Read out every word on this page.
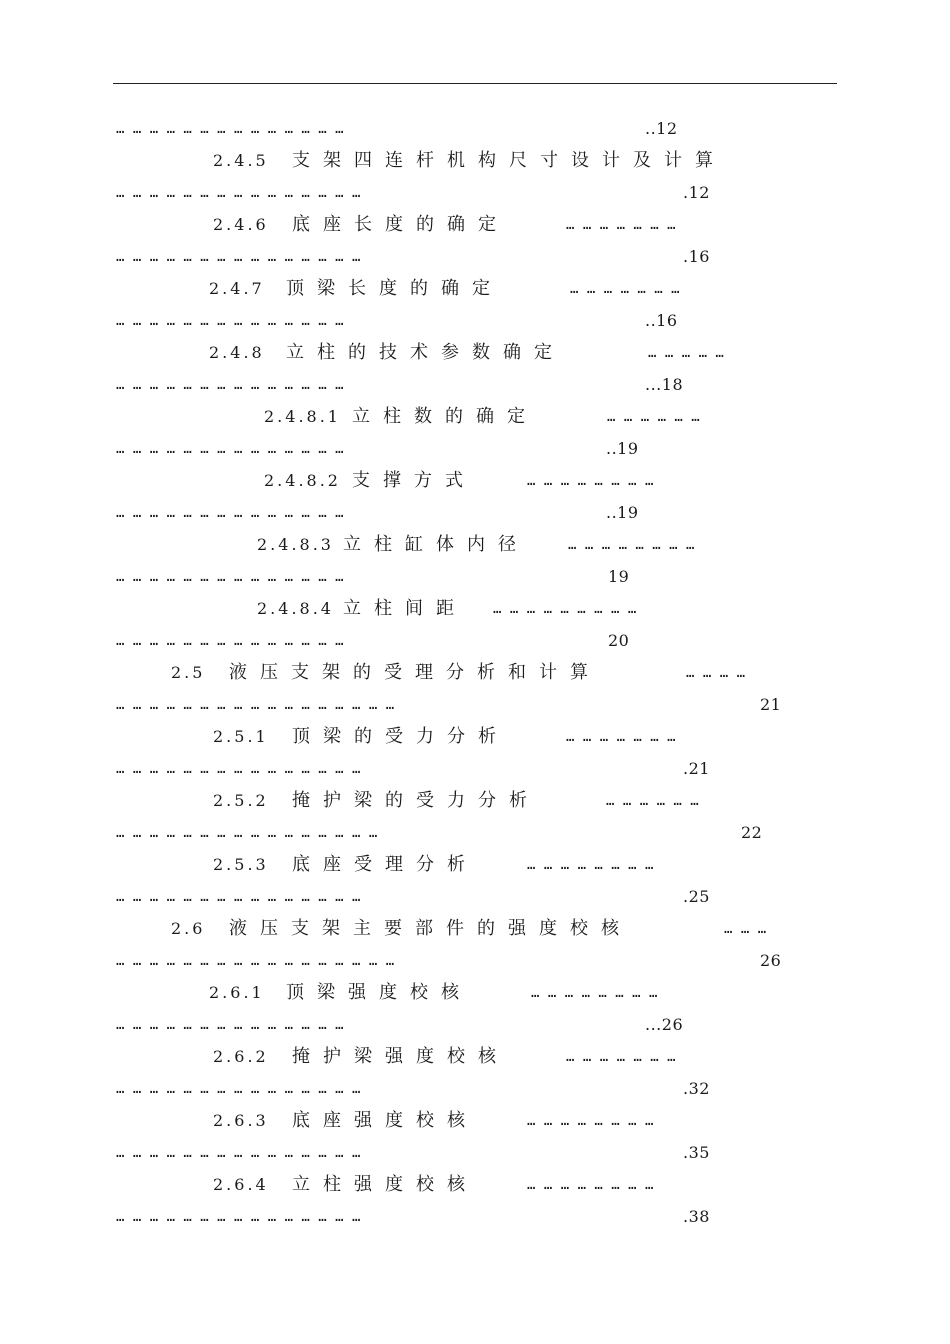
… … … … … … … … … … … … … …	..12
2.4.5 支架四连杆机构尺寸设计及计算
… … … … … … … … … … … … … … …	.12
2.4.6 底座长度的确定	… … … … … … …
… … … … … … … … … … … … … … …	.16
2.4.7 顶梁长度的确定	… … … … … … …
… … … … … … … … … … … … … …	..16
2.4.8 立柱的技术参数确定	… … … … …
… … … … … … … … … … … … … …	...18
2.4.8.1 立柱数的确定	… … … … … …
… … … … … … … … … … … … … …	..19
2.4.8.2 支撑方式	… … … … … … … …
… … … … … … … … … … … … … …	..19
2.4.8.3 立柱缸体内径	… … … … … … … …
… … … … … … … … … … … … … …	19
2.4.8.4 立柱间距 … … … … … … … … …
… … … … … … … … … … … … … …	20
2.5 液压支架的受理分析和计算	… … … …
… … … … … … … … … … … … … … … … …	21
2.5.1 顶梁的受力分析	… … … … … … …
… … … … … … … … … … … … … … …	.21
2.5.2 掩护梁的受力分析	… … … … … …
… … … … … … … … … … … … … … … …	22
2.5.3 底座受理分析	… … … … … … … …
… … … … … … … … … … … … … … …	.25
2.6 液压支架主要部件的强度校核	… … …
… … … … … … … … … … … … … … … … …	26
2.6.1 顶梁强度校核	… … … … … … … …
… … … … … … … … … … … … … …	...26
2.6.2 掩护梁强度校核	… … … … … … …
… … … … … … … … … … … … … … …	.32
2.6.3 底座强度校核	… … … … … … … …
… … … … … … … … … … … … … … …	.35
2.6.4 立柱强度校核	… … … … … … … …
… … … … … … … … … … … … … … …	.38
